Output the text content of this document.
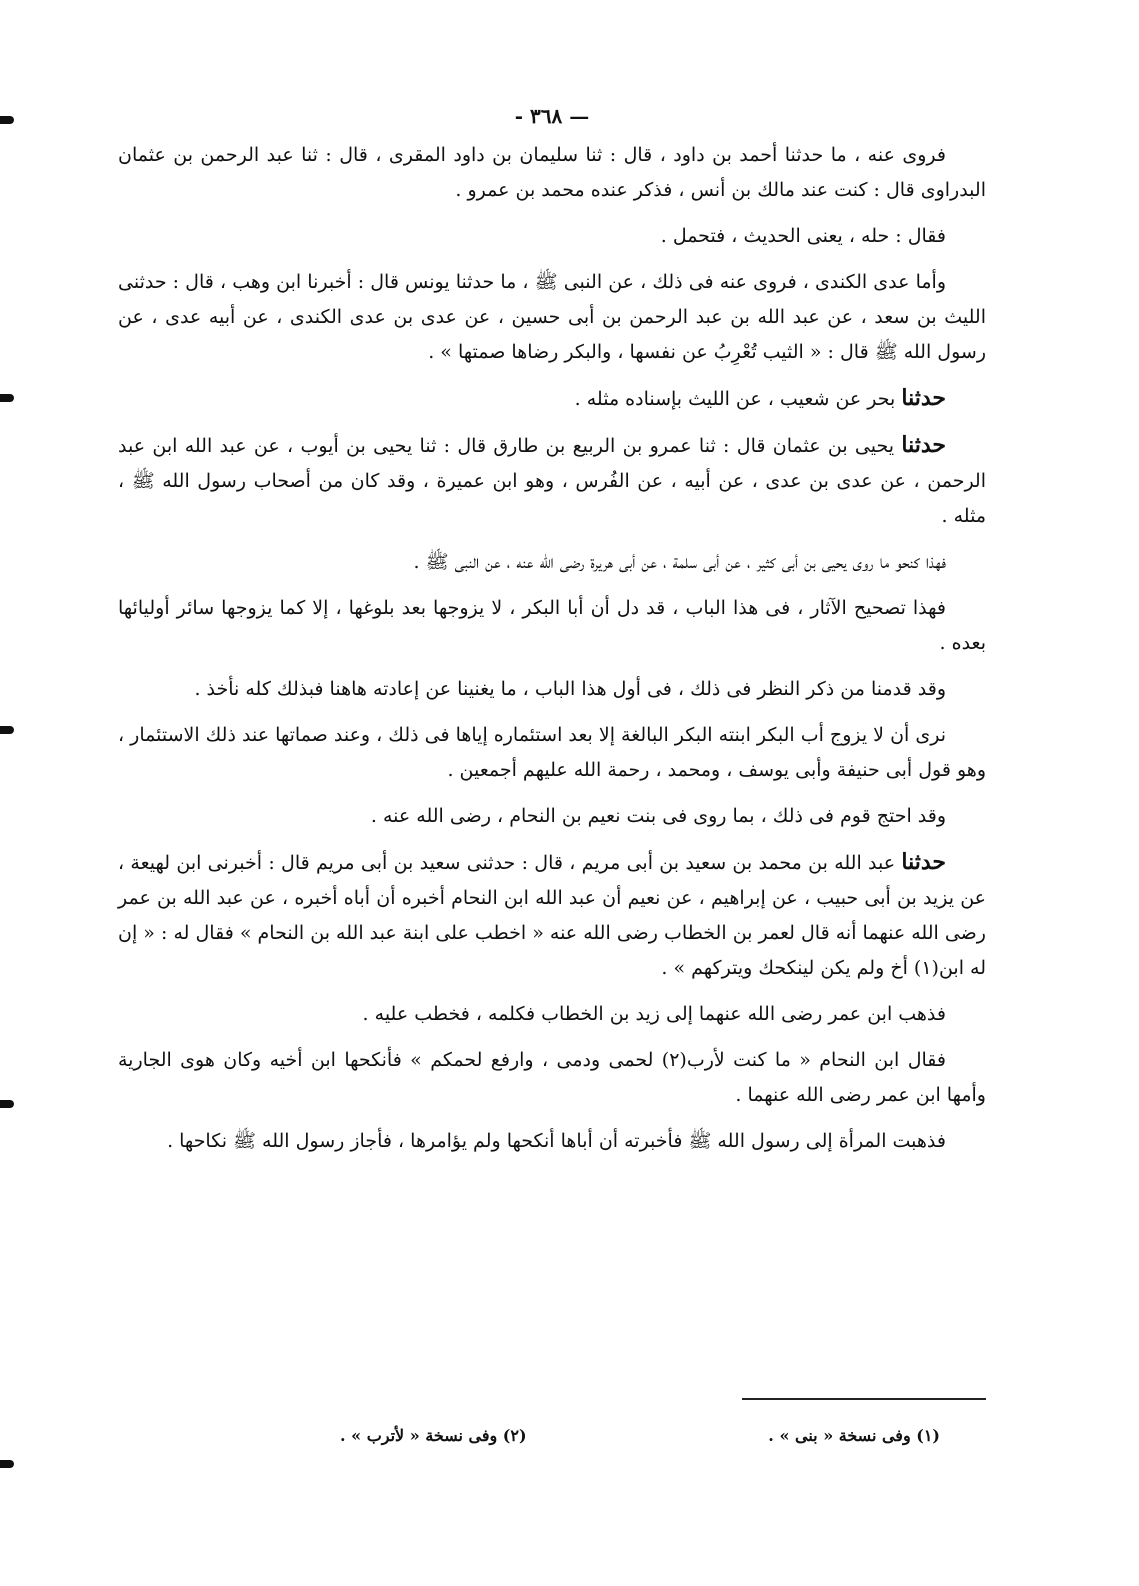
— ٣٦٨ -

فروى عنه ، ما حدثنا أحمد بن داود ، قال : ثنا سليمان بن داود المقرى ، قال : ثنا عبد الرحمن بن عثمان البدراوى قال : كنت عند مالك بن أنس ، فذكر عنده محمد بن عمرو .

فقال : حله ، يعنى الحديث ، فتحمل .

وأما عدى الكندى ، فروى عنه فى ذلك ، عن النبى ﷺ ، ما حدثنا يونس قال : أخبرنا ابن وهب ، قال : حدثنى الليث بن سعد ، عن عبد الله بن عبد الرحمن بن أبى حسين ، عن عدى بن عدى الكندى ، عن أبيه عدى ، عن رسول الله ﷺ قال : « الثيب تُعْرِبُ عن نفسها ، والبكر رضاها صمتها » .

حدثنا بحر عن شعيب ، عن الليث بإسناده مثله .

حدثنا يحيى بن عثمان قال : ثنا عمرو بن الربيع بن طارق قال : ثنا يحيى بن أيوب ، عن عبد الله ابن عبد الرحمن ، عن عدى بن عدى ، عن أبيه ، عن الفُرس ، وهو ابن عميرة ، وقد كان من أصحاب رسول الله ﷺ ، مثله .

فهذا كنحو ما روى يحيى بن أبى كثير ، عن أبى سلمة ، عن أبى هريرة رضى الله عنه ، عن النبى ﷺ .

فهذا تصحيح الآثار ، فى هذا الباب ، قد دل أن أبا البكر ، لا يزوجها بعد بلوغها ، إلا كما يزوجها سائر أوليائها بعده .

وقد قدمنا من ذكر النظر فى ذلك ، فى أول هذا الباب ، ما يغنينا عن إعادته هاهنا فبذلك كله نأخذ .

نرى أن لا يزوج أب البكر ابنته البكر البالغة إلا بعد استئماره إياها فى ذلك ، وعند صماتها عند ذلك الاستئمار ، وهو قول أبى حنيفة وأبى يوسف ، ومحمد ، رحمة الله عليهم أجمعين .

وقد احتج قوم فى ذلك ، بما روى فى بنت نعيم بن النحام ، رضى الله عنه .

حدثنا عبد الله بن محمد بن سعيد بن أبى مريم ، قال : حدثنى سعيد بن أبى مريم قال : أخبرنى ابن لهيعة ، عن يزيد بن أبى حبيب ، عن إبراهيم ، عن نعيم أن عبد الله ابن النحام أخبره أن أباه أخبره ، عن عبد الله بن عمر رضى الله عنهما أنه قال لعمر بن الخطاب رضى الله عنه « اخطب على ابنة عبد الله بن النحام » فقال له : « إن له ابن(١) أخ ولم يكن لينكحك ويتركهم » .

فذهب ابن عمر رضى الله عنهما إلى زيد بن الخطاب فكلمه ، فخطب عليه .

فقال ابن النحام « ما كنت لأرب(٢) لحمى ودمى ، وارفع لحمكم » فأنكحها ابن أخيه وكان هوى الجارية وأمها ابن عمر رضى الله عنهما .

فذهبت المرأة إلى رسول الله ﷺ فأخبرته أن أباها أنكحها ولم يؤامرها ، فأجاز رسول الله ﷺ نكاحها .

(١) وفى نسخة « بنى » .
(٢) وفى نسخة « لأترب » .
